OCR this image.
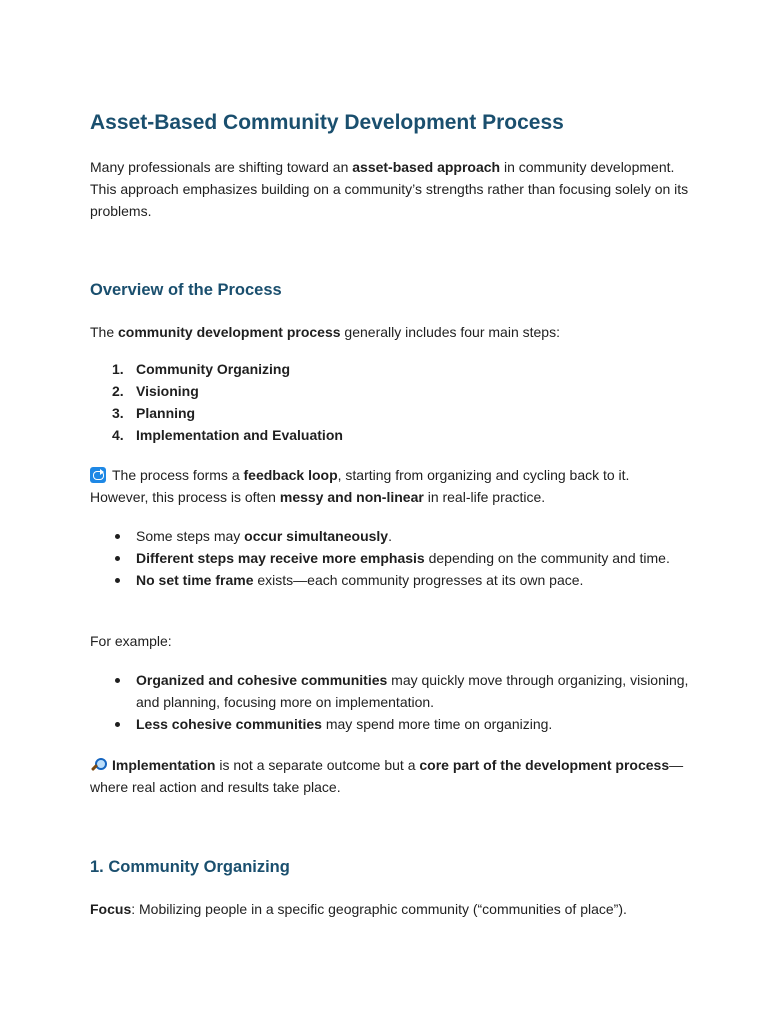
Asset-Based Community Development Process

Many professionals are shifting toward an asset-based approach in community development. This approach emphasizes building on a community’s strengths rather than focusing solely on its problems.

Overview of the Process

The community development process generally includes four main steps:

1. Community Organizing
2. Visioning
3. Planning
4. Implementation and Evaluation

The process forms a feedback loop, starting from organizing and cycling back to it. However, this process is often messy and non-linear in real-life practice.

Some steps may occur simultaneously.
Different steps may receive more emphasis depending on the community and time.
No set time frame exists—each community progresses at its own pace.

For example:

Organized and cohesive communities may quickly move through organizing, visioning, and planning, focusing more on implementation.
Less cohesive communities may spend more time on organizing.

Implementation is not a separate outcome but a core part of the development process—where real action and results take place.

1. Community Organizing

Focus: Mobilizing people in a specific geographic community (“communities of place”).
